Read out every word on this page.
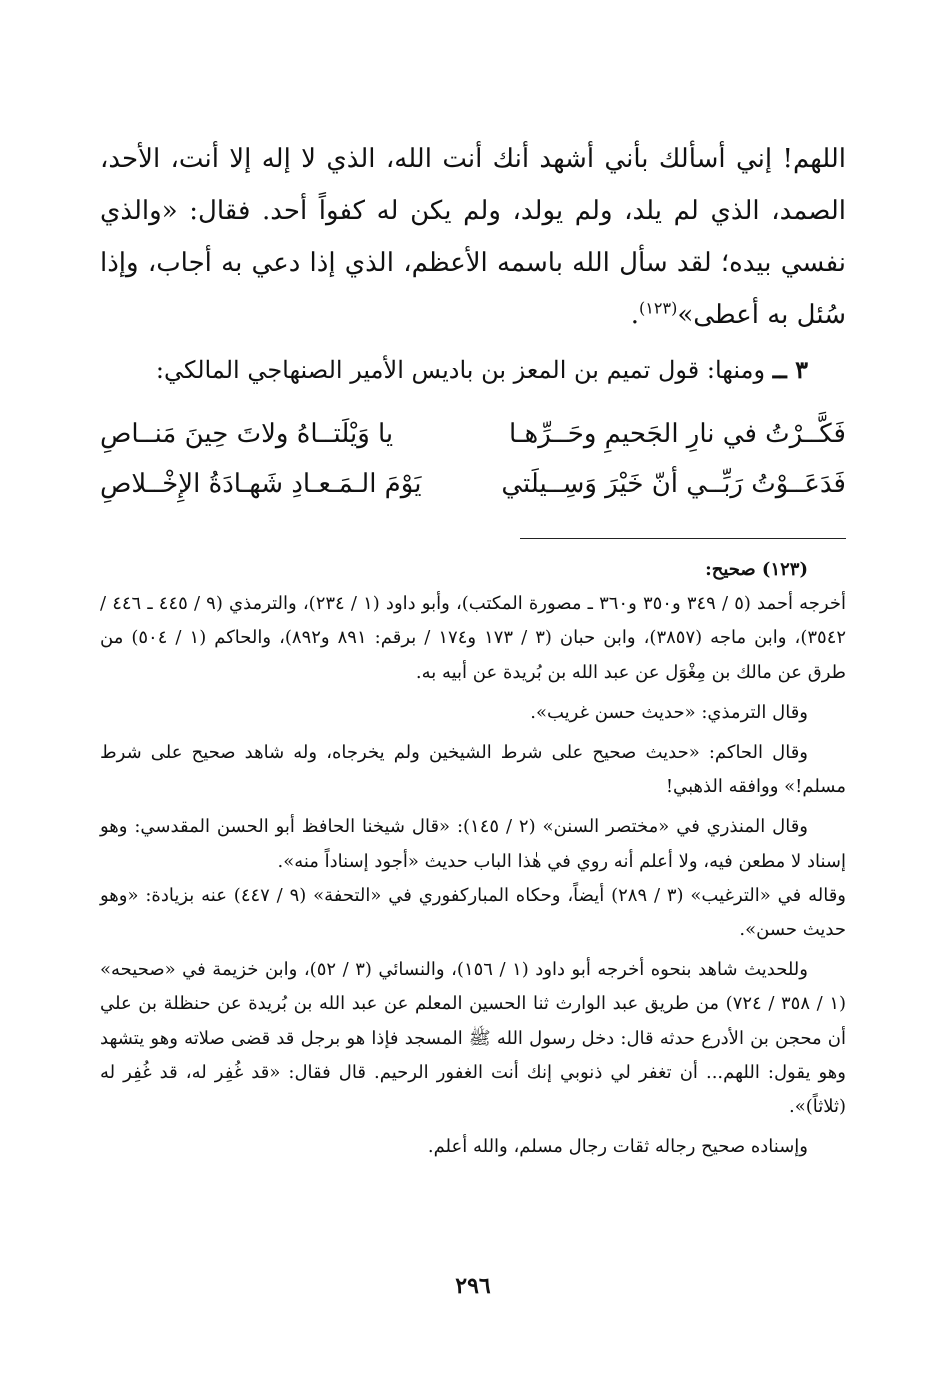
اللهم! إني أسألك بأني أشهد أنك أنت الله، الذي لا إله إلا أنت، الأحد، الصمد، الذي لم يلد، ولم يولد، ولم يكن له كفواً أحد. فقال: «والذي نفسي بيده؛ لقد سأل الله باسمه الأعظم، الذي إذا دعي به أجاب، وإذا سُئل به أعطى»$^{(١٢٣)}$.

٣ ــ ومنها: قول تميم بن المعز بن باديس الأمير الصنهاجي المالكي:

فَكَّــرْتُ في نارِ الجَحيمِ وحَــرِّهـا
يا وَيْلَتــاهُ ولاتَ حِينَ مَنــاصِ
فَدَعَــوْتُ رَبِّــي أنّ خَيْرَ وَسِــيلَتي
يَوْمَ الـمَـعـادِ شَهـادَةُ الإِخْــلاصِ

(١٢٣) صحيح:

أخرجه أحمد (٥ / ٣٤٩ و٣٥٠ و٣٦٠ ـ مصورة المكتب)، وأبو داود (١ / ٢٣٤)، والترمذي (٩ / ٤٤٥ ـ ٤٤٦ / ٣٥٤٢)، وابن ماجه (٣٨٥٧)، وابن حبان (٣ / ١٧٣ و١٧٤ / برقم: ٨٩١ و٨٩٢)، والحاكم (١ / ٥٠٤) من طرق عن مالك بن مِغْوَل عن عبد الله بن بُريدة عن أبيه به.

وقال الترمذي: «حديث حسن غريب».

وقال الحاكم: «حديث صحيح على شرط الشيخين ولم يخرجاه، وله شاهد صحيح على شرط مسلم!» ووافقه الذهبي!

وقال المنذري في «مختصر السنن» (٢ / ١٤٥): «قال شيخنا الحافظ أبو الحسن المقدسي: وهو إسناد لا مطعن فيه، ولا أعلم أنه روي في هٰذا الباب حديث «أجود إسناداً منه».

وقاله في «الترغيب» (٣ / ٢٨٩) أيضاً، وحكاه المباركفوري في «التحفة» (٩ / ٤٤٧) عنه بزيادة: «وهو حديث حسن».

وللحديث شاهد بنحوه أخرجه أبو داود (١ / ١٥٦)، والنسائي (٣ / ٥٢)، وابن خزيمة في «صحيحه» (١ / ٣٥٨ / ٧٢٤) من طريق عبد الوارث ثنا الحسين المعلم عن عبد الله بن بُريدة عن حنظلة بن علي أن محجن بن الأدرع حدثه قال: دخل رسول الله ﷺ المسجد فإذا هو برجل قد قضى صلاته وهو يتشهد وهو يقول: اللهم... أن تغفر لي ذنوبي إنك أنت الغفور الرحيم. قال فقال: «قد غُفِر له، قد غُفِر له (ثلاثاً)».

وإسناده صحيح رجاله ثقات رجال مسلم، والله أعلم.

٢٩٦
